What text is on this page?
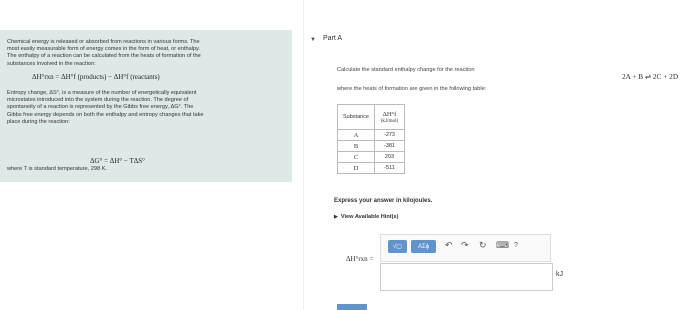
Chemical energy is released or absorbed from reactions in various forms. The
most easily measurable form of energy comes in the form of heat, or enthalpy.
The enthalpy of a reaction can be calculated from the heats of formation of the
substances involved in the reaction:
ΔH°rxn = ΔH°f (products) − ΔH°f (reactants)
Entropy change, ΔS°, is a measure of the number of energetically equivalent
microstates introduced into the system during the reaction. The degree of
spontaneity of a reaction is represented by the Gibbs free energy, ΔG°. The
Gibbs free energy depends on both the enthalpy and entropy changes that take
place during the reaction:
ΔG° = ΔH° − TΔS°
where T is standard temperature, 298 K.
▼ Part A
Calculate the standard enthalpy change for the reaction
2A + B ⇌ 2C + 2D
where the heats of formation are given in the following table:
Substance	ΔH°f
(kJ/mol)

A	-273
B	-381
C	203
D	-511
Express your answer in kilojoules.
▶ View Available Hint(s)
√▢	ΑΣϕ	↶ ↷ ↻ ⌨ ?
ΔH°rxn =
kJ
